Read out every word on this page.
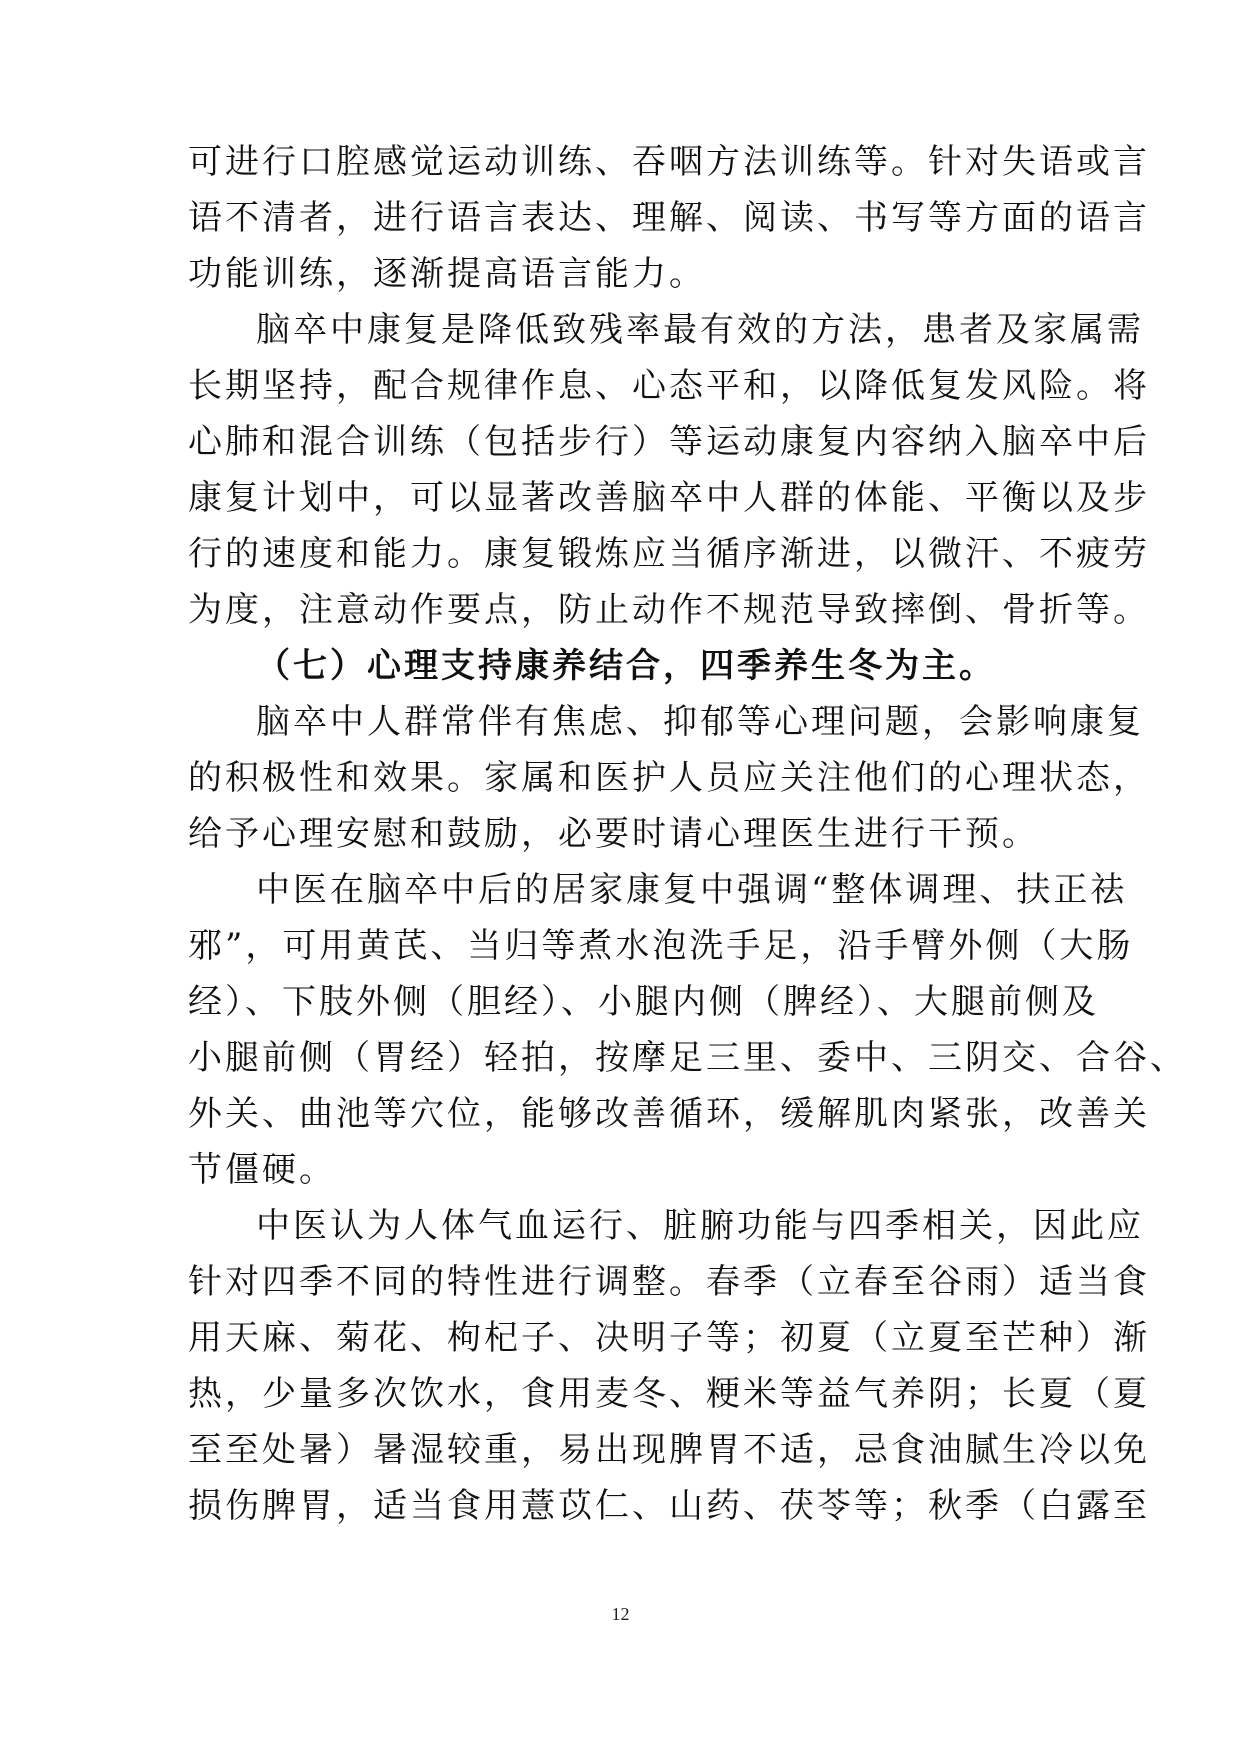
可进行口腔感觉运动训练、吞咽方法训练等。针对失语或言
语不清者，进行语言表达、理解、阅读、书写等方面的语言
功能训练，逐渐提高语言能力。
脑卒中康复是降低致残率最有效的方法，患者及家属需
长期坚持，配合规律作息、心态平和，以降低复发风险。将
心肺和混合训练（包括步行）等运动康复内容纳入脑卒中后
康复计划中，可以显著改善脑卒中人群的体能、平衡以及步
行的速度和能力。康复锻炼应当循序渐进，以微汗、不疲劳
为度，注意动作要点，防止动作不规范导致摔倒、骨折等。
（七）心理支持康养结合，四季养生冬为主。
脑卒中人群常伴有焦虑、抑郁等心理问题，会影响康复
的积极性和效果。家属和医护人员应关注他们的心理状态，
给予心理安慰和鼓励，必要时请心理医生进行干预。
中医在脑卒中后的居家康复中强调“整体调理、扶正祛
邪”，可用黄芪、当归等煮水泡洗手足，沿手臂外侧（大肠
经）、下肢外侧（胆经）、小腿内侧（脾经）、大腿前侧及
小腿前侧（胃经）轻拍，按摩足三里、委中、三阴交、合谷、
外关、曲池等穴位，能够改善循环，缓解肌肉紧张，改善关
节僵硬。
中医认为人体气血运行、脏腑功能与四季相关，因此应
针对四季不同的特性进行调整。春季（立春至谷雨）适当食
用天麻、菊花、枸杞子、决明子等；初夏（立夏至芒种）渐
热，少量多次饮水，食用麦冬、粳米等益气养阴；长夏（夏
至至处暑）暑湿较重，易出现脾胃不适，忌食油腻生冷以免
损伤脾胃，适当食用薏苡仁、山药、茯苓等；秋季（白露至
12
